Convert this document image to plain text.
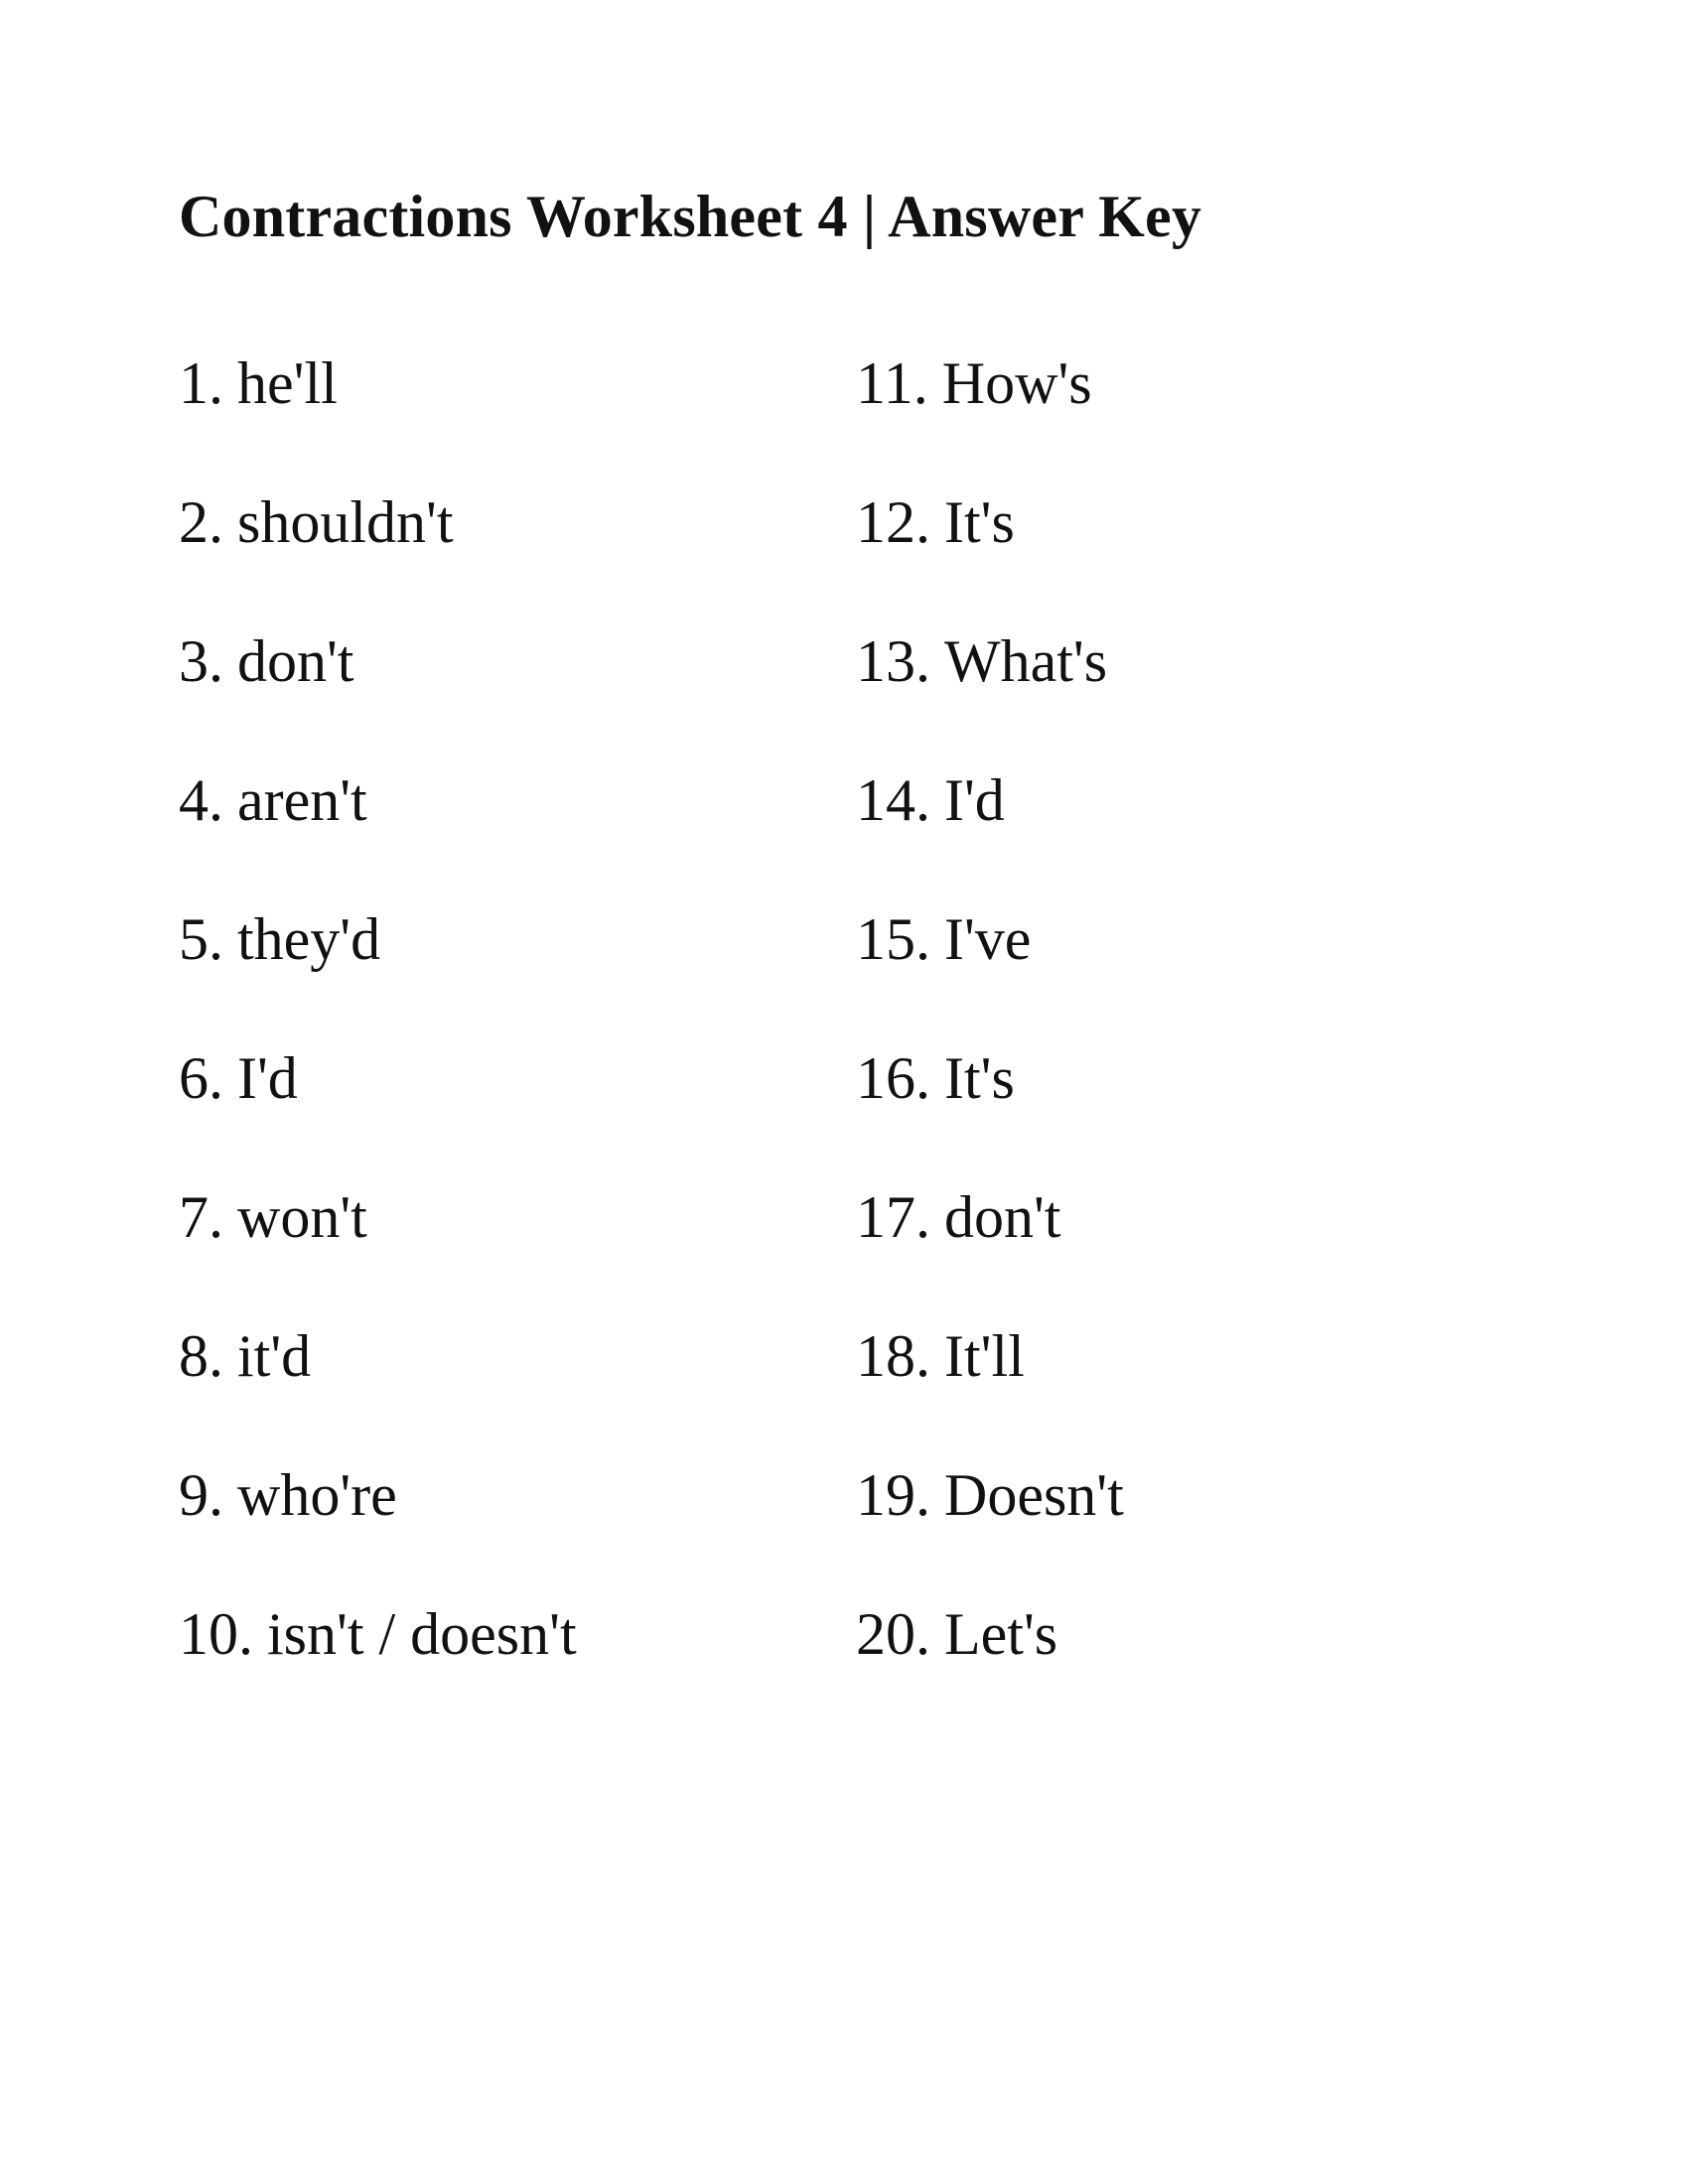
Contractions Worksheet 4 | Answer Key
1. he'll
2. shouldn't
3. don't
4. aren't
5. they'd
6. I'd
7. won't
8. it'd
9. who're
10. isn't / doesn't
11. How's
12. It's
13. What's
14. I'd
15. I've
16. It's
17. don't
18. It'll
19. Doesn't
20. Let's
